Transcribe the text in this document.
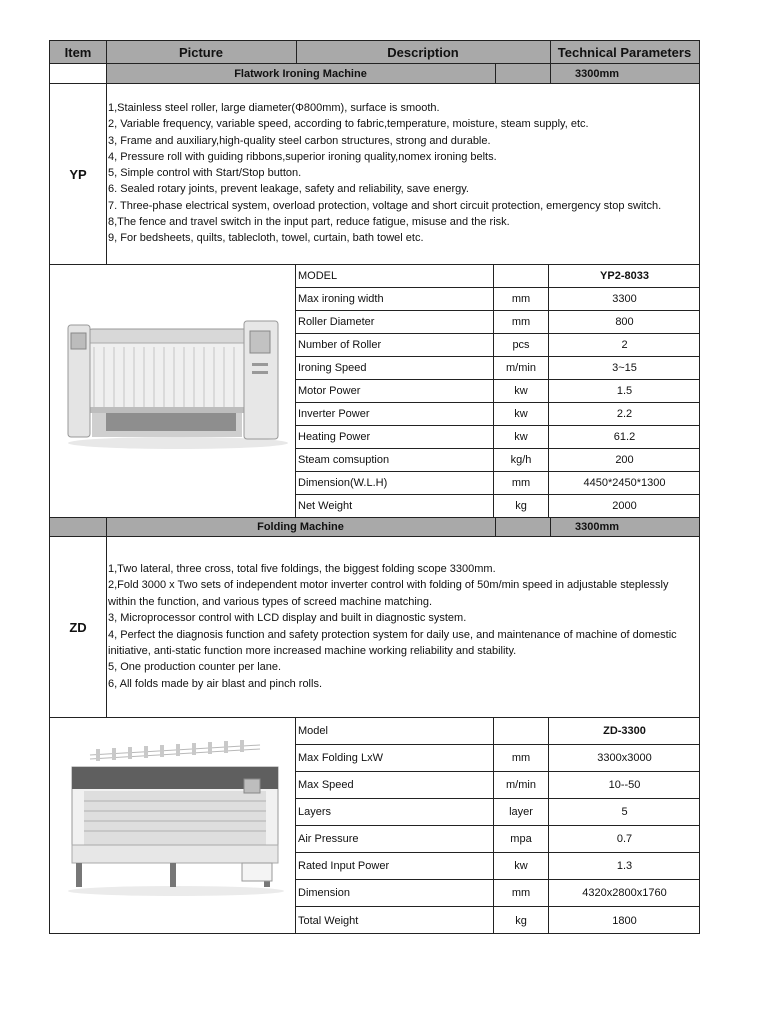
Item	Picture	Description	Technical Parameters
Flatwork Ironing Machine	3300mm
YP
1,Stainless steel roller, large diameter(Φ800mm), surface is smooth.
2, Variable frequency, variable speed, according to fabric,temperature, moisture, steam supply, etc.
3, Frame and auxiliary,high-quality steel carbon structures, strong and durable.
4, Pressure roll with guiding ribbons,superior ironing quality,nomex ironing belts.
5, Simple control with Start/Stop button.
6. Sealed rotary joints, prevent leakage, safety and reliability, save energy.
7. Three-phase electrical system, overload protection, voltage and short circuit protection, emergency stop switch.
8,The fence and travel switch in the input part, reduce fatigue, misuse and the risk.
9, For bedsheets, quilts, tablecloth, towel, curtain, bath towel etc.
MODEL	YP2-8033
Max ironing width	mm	3300
Roller Diameter	mm	800
Number of Roller	pcs	2
Ironing Speed	m/min	3~15
Motor Power	kw	1.5
Inverter Power	kw	2.2
Heating Power	kw	61.2
Steam comsuption	kg/h	200
Dimension(W.L.H)	mm	4450*2450*1300
Net Weight	kg	2000
Folding Machine	3300mm
ZD
1,Two lateral, three cross, total five foldings, the biggest folding scope 3300mm.
2,Fold 3000 x Two sets of independent motor inverter control with folding of 50m/min speed in adjustable steplessly within the function, and various types of screed machine matching.
3, Microprocessor control with LCD display and built in diagnostic system.
4, Perfect the diagnosis function and safety protection system for daily use, and maintenance of machine of domestic initiative, anti-static function more increased machine working reliability and stability.
5, One production counter per lane.
6, All folds made by air blast and pinch rolls.
Model	ZD-3300
Max Folding LxW	mm	3300x3000
Max Speed	m/min	10--50
Layers	layer	5
Air Pressure	mpa	0.7
Rated Input Power	kw	1.3
Dimension	mm	4320x2800x1760
Total Weight	kg	1800
